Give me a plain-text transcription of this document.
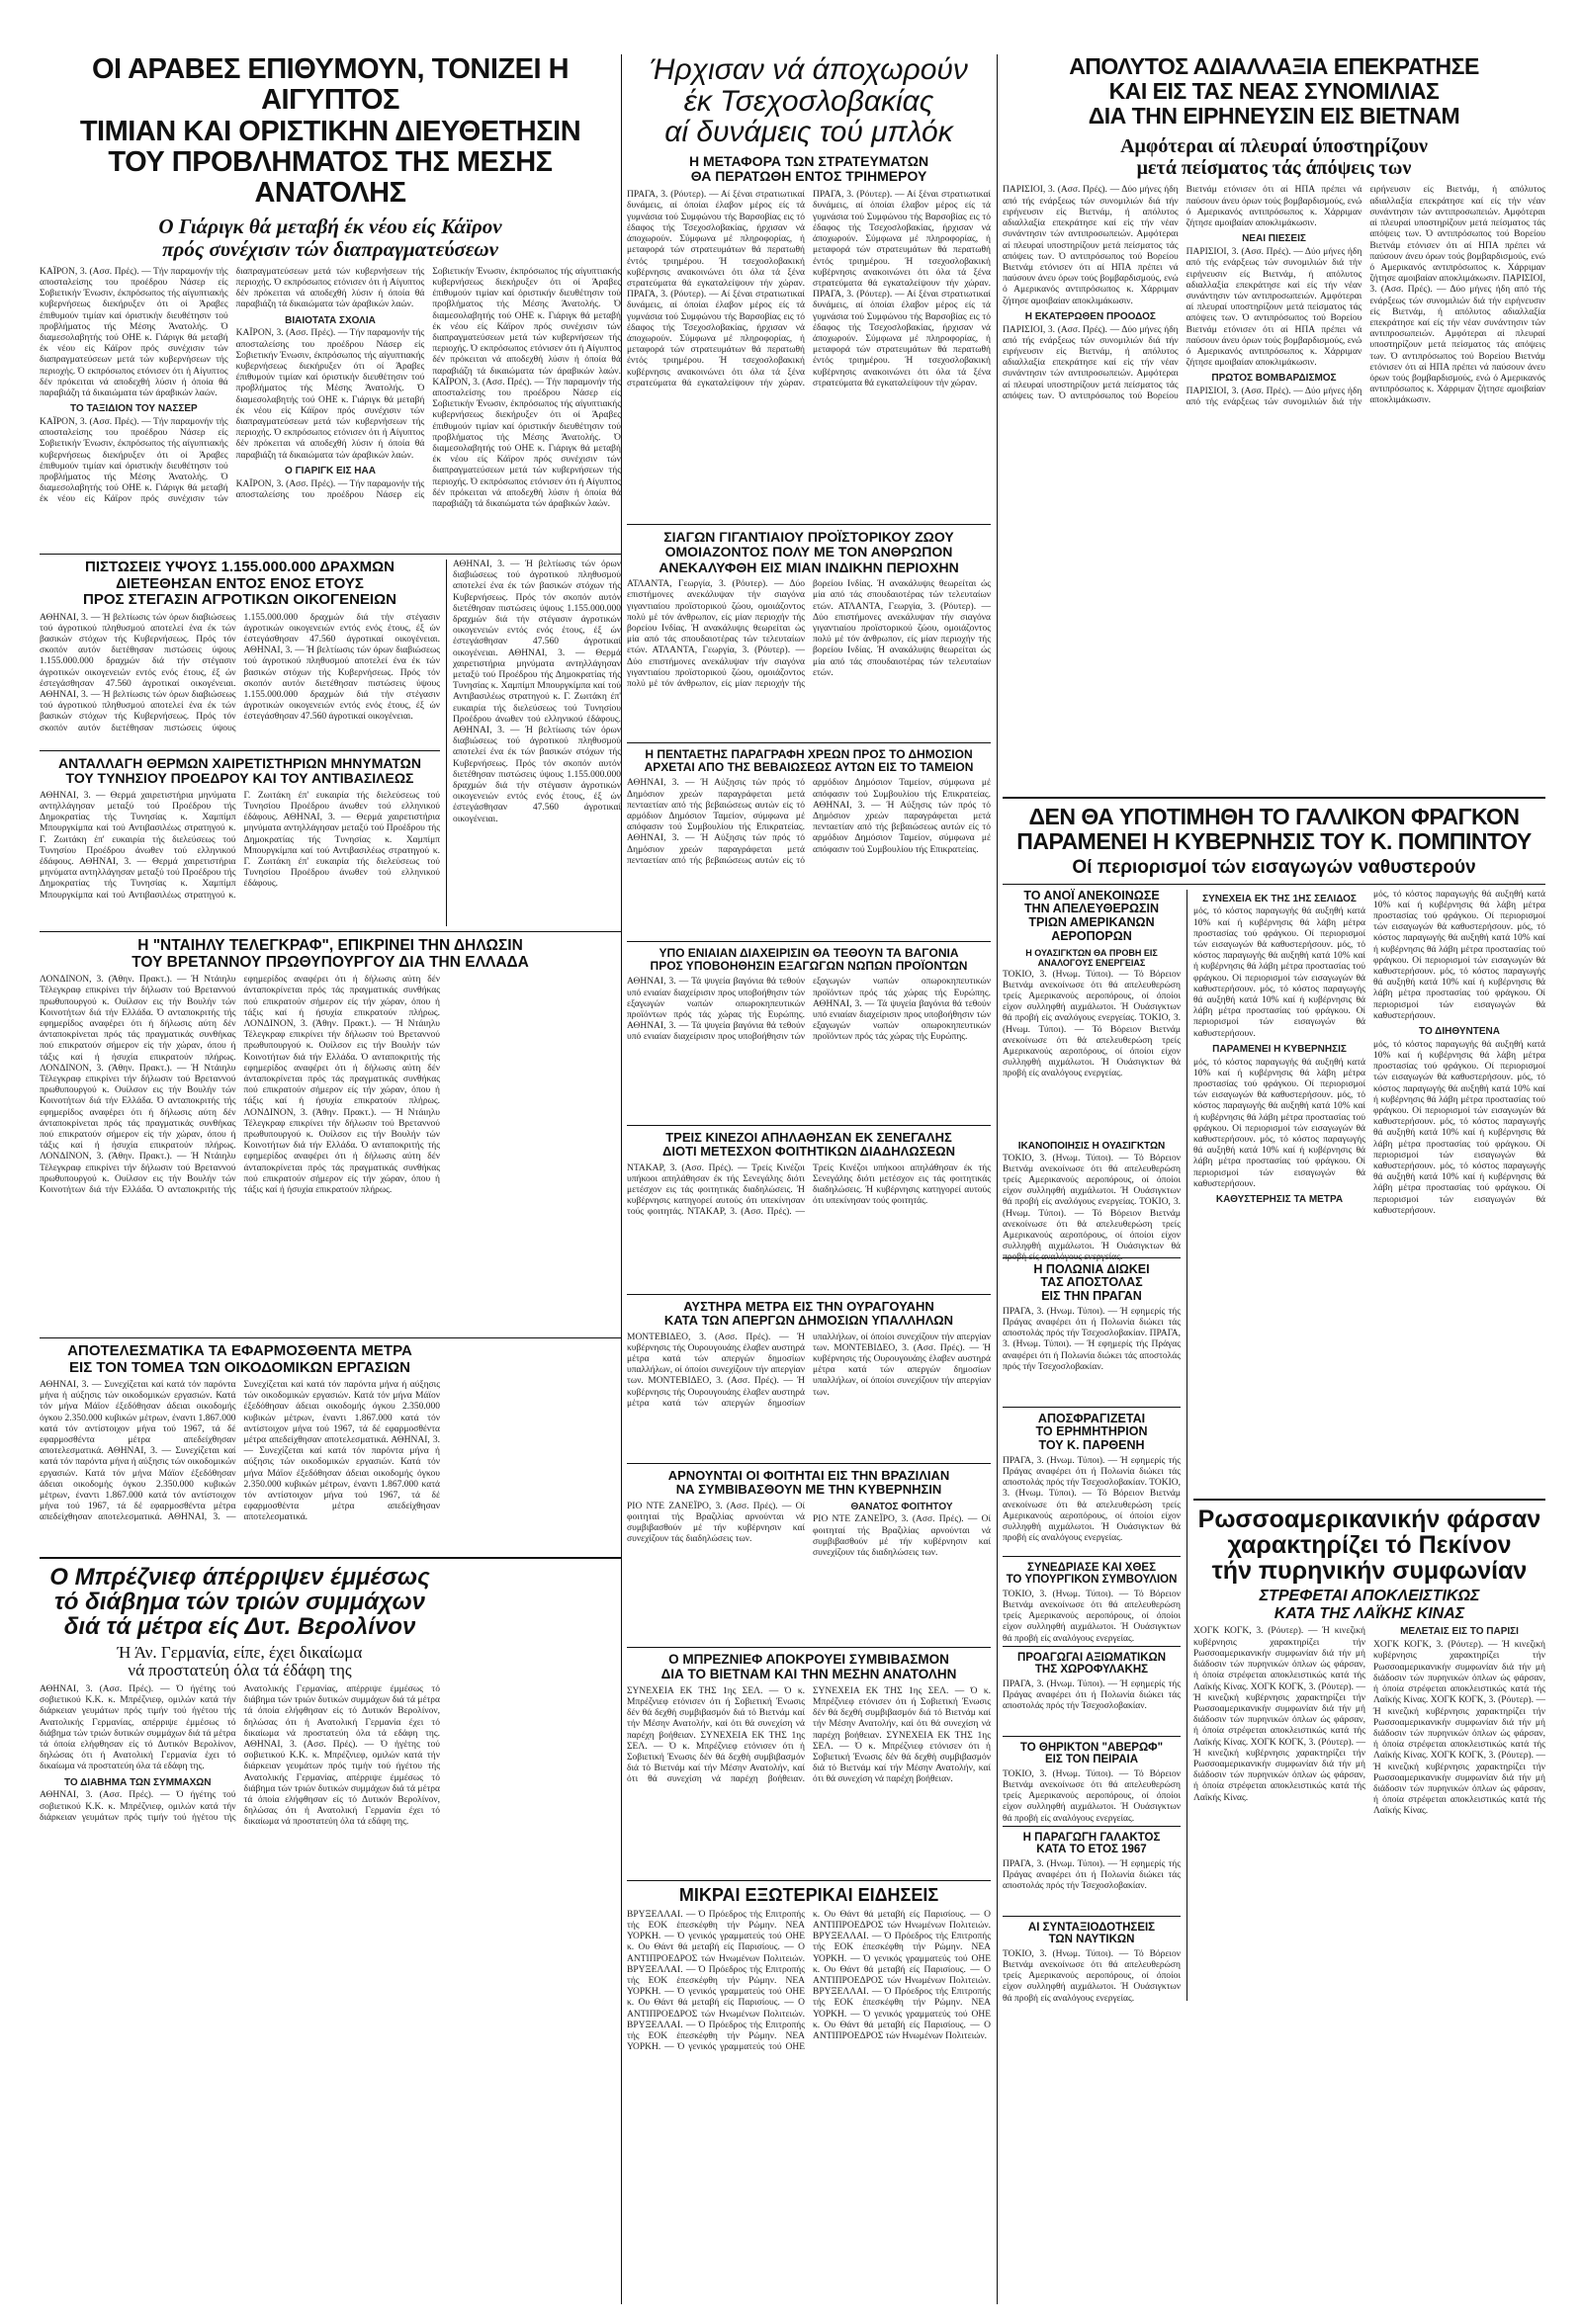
ΟΙ ΑΡΑΒΕΣ ΕΠΙΘΥΜΟΥΝ, ΤΟΝΙΖΕΙ Η ΑΙΓΥΠΤΟΣ
ΤΙΜΙΑΝ ΚΑΙ ΟΡΙΣΤΙΚΗΝ ΔΙΕΥΘΕΤΗΣΙΝ
ΤΟΥ ΠΡΟΒΛΗΜΑΤΟΣ ΤΗΣ ΜΕΣΗΣ ΑΝΑΤΟΛΗΣ
Ο Γιάριγκ θά μεταβή έκ νέου είς Κάϊρον
πρός συνέχισιν τών διαπραγματεύσεων
ΚΑΪΡΟΝ, 3. (Ασσ. Πρές). — Τήν παραμονήν τής αποσταλείσης του προέδρου Νάσερ είς Σοβιετικήν Ένωσιν, έκπρόσωπος τής αίγυπτιακής κυβερνήσεως διεκήρυξεν ότι οί Άραβες έπιθυμούν τιμίαν καί όριστικήν διευθέτησιν τού προβλήματος τής Μέσης Άνατολής. Ό διαμεσολαβητής τού ΟΗΕ κ. Γιάριγκ θά μεταβή έκ νέου είς Κάϊρον πρός συνέχισιν τών διαπραγματεύσεων μετά τών κυβερνήσεων τής περιοχής. Ό εκπρόσωπος ετόνισεν ότι ή Αίγυπτος δέν πρόκειται νά αποδεχθή λύσιν ή όποία θά παραβιάζη τά δικαιώματα τών άραβικών λαών.
ΤΟ ΤΑΞΙΔΙΟΝ ΤΟΥ ΝΑΣΣΕΡ
ΚΑΪΡΟΝ, 3. (Ασσ. Πρές). — Τήν παραμονήν τής αποσταλείσης του προέδρου Νάσερ είς Σοβιετικήν Ένωσιν, έκπρόσωπος τής αίγυπτιακής κυβερνήσεως διεκήρυξεν ότι οί Άραβες έπιθυμούν τιμίαν καί όριστικήν διευθέτησιν τού προβλήματος τής Μέσης Άνατολής. Ό διαμεσολαβητής τού ΟΗΕ κ. Γιάριγκ θά μεταβή έκ νέου είς Κάϊρον πρός συνέχισιν τών διαπραγματεύσεων μετά τών κυβερνήσεων τής περιοχής. Ό εκπρόσωπος ετόνισεν ότι ή Αίγυπτος δέν πρόκειται νά αποδεχθή λύσιν ή όποία θά παραβιάζη τά δικαιώματα τών άραβικών λαών.
ΒΙΑΙΟΤΑΤΑ ΣΧΟΛΙΑ
ΚΑΪΡΟΝ, 3. (Ασσ. Πρές). — Τήν παραμονήν τής αποσταλείσης του προέδρου Νάσερ είς Σοβιετικήν Ένωσιν, έκπρόσωπος τής αίγυπτιακής κυβερνήσεως διεκήρυξεν ότι οί Άραβες έπιθυμούν τιμίαν καί όριστικήν διευθέτησιν τού προβλήματος τής Μέσης Άνατολής. Ό διαμεσολαβητής τού ΟΗΕ κ. Γιάριγκ θά μεταβή έκ νέου είς Κάϊρον πρός συνέχισιν τών διαπραγματεύσεων μετά τών κυβερνήσεων τής περιοχής. Ό εκπρόσωπος ετόνισεν ότι ή Αίγυπτος δέν πρόκειται νά αποδεχθή λύσιν ή όποία θά παραβιάζη τά δικαιώματα τών άραβικών λαών.
Ο ΓΙΑΡΙΓΚ ΕΙΣ ΗΑΑ
ΚΑΪΡΟΝ, 3. (Ασσ. Πρές). — Τήν παραμονήν τής αποσταλείσης του προέδρου Νάσερ είς Σοβιετικήν Ένωσιν, έκπρόσωπος τής αίγυπτιακής κυβερνήσεως διεκήρυξεν ότι οί Άραβες έπιθυμούν τιμίαν καί όριστικήν διευθέτησιν τού προβλήματος τής Μέσης Άνατολής. Ό διαμεσολαβητής τού ΟΗΕ κ. Γιάριγκ θά μεταβή έκ νέου είς Κάϊρον πρός συνέχισιν τών διαπραγματεύσεων μετά τών κυβερνήσεων τής περιοχής. Ό εκπρόσωπος ετόνισεν ότι ή Αίγυπτος δέν πρόκειται νά αποδεχθή λύσιν ή όποία θά παραβιάζη τά δικαιώματα τών άραβικών λαών. ΚΑΪΡΟΝ, 3. (Ασσ. Πρές). — Τήν παραμονήν τής αποσταλείσης του προέδρου Νάσερ είς Σοβιετικήν Ένωσιν, έκπρόσωπος τής αίγυπτιακής κυβερνήσεως διεκήρυξεν ότι οί Άραβες έπιθυμούν τιμίαν καί όριστικήν διευθέτησιν τού προβλήματος τής Μέσης Άνατολής. Ό διαμεσολαβητής τού ΟΗΕ κ. Γιάριγκ θά μεταβή έκ νέου είς Κάϊρον πρός συνέχισιν τών διαπραγματεύσεων μετά τών κυβερνήσεων τής περιοχής. Ό εκπρόσωπος ετόνισεν ότι ή Αίγυπτος δέν πρόκειται νά αποδεχθή λύσιν ή όποία θά παραβιάζη τά δικαιώματα τών άραβικών λαών.
ΠΙΣΤΩΣΕΙΣ ΥΨΟΥΣ 1.155.000.000 ΔΡΑΧΜΩΝ
ΔΙΕΤΕΘΗΣΑΝ ΕΝΤΟΣ ΕΝΟΣ ΕΤΟΥΣ
ΠΡΟΣ ΣΤΕΓΑΣΙΝ ΑΓΡΟΤΙΚΩΝ ΟΙΚΟΓΕΝΕΙΩΝ
ΑΘΗΝΑΙ, 3. — Ή βελτίωσις τών όρων διαβιώσεως τού άγροτικού πληθυσμού αποτελεί ένα έκ τών βασικών στόχων τής Κυβερνήσεως. Πρός τόν σκοπόν αυτόν διετέθησαν πιστώσεις ύψους 1.155.000.000 δραχμών διά τήν στέγασιν άγροτικών οικογενειών εντός ενός έτους, έξ ών έστεγάσθησαν 47.560 άγροτικαί οικογένειαι. ΑΘΗΝΑΙ, 3. — Ή βελτίωσις τών όρων διαβιώσεως τού άγροτικού πληθυσμού αποτελεί ένα έκ τών βασικών στόχων τής Κυβερνήσεως. Πρός τόν σκοπόν αυτόν διετέθησαν πιστώσεις ύψους 1.155.000.000 δραχμών διά τήν στέγασιν άγροτικών οικογενειών εντός ενός έτους, έξ ών έστεγάσθησαν 47.560 άγροτικαί οικογένειαι. ΑΘΗΝΑΙ, 3. — Ή βελτίωσις τών όρων διαβιώσεως τού άγροτικού πληθυσμού αποτελεί ένα έκ τών βασικών στόχων τής Κυβερνήσεως. Πρός τόν σκοπόν αυτόν διετέθησαν πιστώσεις ύψους 1.155.000.000 δραχμών διά τήν στέγασιν άγροτικών οικογενειών εντός ενός έτους, έξ ών έστεγάσθησαν 47.560 άγροτικαί οικογένειαι.
ΑΝΤΑΛΛΑΓΗ ΘΕΡΜΩΝ ΧΑΙΡΕΤΙΣΤΗΡΙΩΝ ΜΗΝΥΜΑΤΩΝ
ΤΟΥ ΤΥΝΗΣΙΟΥ ΠΡΟΕΔΡΟΥ ΚΑΙ ΤΟΥ ΑΝΤΙΒΑΣΙΛΕΩΣ
ΑΘΗΝΑΙ, 3. — Θερμά χαιρετιστήρια μηνύματα αντηλλάγησαν μεταξύ τού Προέδρου τής Δημοκρατίας τής Τυνησίας κ. Χαμπίμπ Μπουργκίμπα καί τού Αντιβασιλέως στρατηγού κ. Γ. Ζωιτάκη έπ' ευκαιρία τής διελεύσεως τού Τυνησίου Προέδρου άνωθεν τού ελληνικού έδάφους. ΑΘΗΝΑΙ, 3. — Θερμά χαιρετιστήρια μηνύματα αντηλλάγησαν μεταξύ τού Προέδρου τής Δημοκρατίας τής Τυνησίας κ. Χαμπίμπ Μπουργκίμπα καί τού Αντιβασιλέως στρατηγού κ. Γ. Ζωιτάκη έπ' ευκαιρία τής διελεύσεως τού Τυνησίου Προέδρου άνωθεν τού ελληνικού έδάφους. ΑΘΗΝΑΙ, 3. — Θερμά χαιρετιστήρια μηνύματα αντηλλάγησαν μεταξύ τού Προέδρου τής Δημοκρατίας τής Τυνησίας κ. Χαμπίμπ Μπουργκίμπα καί τού Αντιβασιλέως στρατηγού κ. Γ. Ζωιτάκη έπ' ευκαιρία τής διελεύσεως τού Τυνησίου Προέδρου άνωθεν τού ελληνικού έδάφους.
ΑΘΗΝΑΙ, 3. — Ή βελτίωσις τών όρων διαβιώσεως τού άγροτικού πληθυσμού αποτελεί ένα έκ τών βασικών στόχων τής Κυβερνήσεως. Πρός τόν σκοπόν αυτόν διετέθησαν πιστώσεις ύψους 1.155.000.000 δραχμών διά τήν στέγασιν άγροτικών οικογενειών εντός ενός έτους, έξ ών έστεγάσθησαν 47.560 άγροτικαί οικογένειαι. ΑΘΗΝΑΙ, 3. — Θερμά χαιρετιστήρια μηνύματα αντηλλάγησαν μεταξύ τού Προέδρου τής Δημοκρατίας τής Τυνησίας κ. Χαμπίμπ Μπουργκίμπα καί τού Αντιβασιλέως στρατηγού κ. Γ. Ζωιτάκη έπ' ευκαιρία τής διελεύσεως τού Τυνησίου Προέδρου άνωθεν τού ελληνικού έδάφους. ΑΘΗΝΑΙ, 3. — Ή βελτίωσις τών όρων διαβιώσεως τού άγροτικού πληθυσμού αποτελεί ένα έκ τών βασικών στόχων τής Κυβερνήσεως. Πρός τόν σκοπόν αυτόν διετέθησαν πιστώσεις ύψους 1.155.000.000 δραχμών διά τήν στέγασιν άγροτικών οικογενειών εντός ενός έτους, έξ ών έστεγάσθησαν 47.560 άγροτικαί οικογένειαι.
Η "ΝΤΑΙΗΛΥ ΤΕΛΕΓΚΡΑΦ", ΕΠΙΚΡΙΝΕΙ ΤΗΝ ΔΗΛΩΣΙΝ
ΤΟΥ ΒΡΕΤΑΝΝΟΥ ΠΡΩΘΥΠΟΥΡΓΟΥ ΔΙΑ ΤΗΝ ΕΛΛΑΔΑ
ΛΟΝΔΙΝΟΝ, 3. (Άθην. Πρακτ.). — Ή Ντάιηλυ Τέλεγκραφ επικρίνει τήν δήλωσιν τού Βρεταννού πρωθυπουργού κ. Ουίλσον εις τήν Βουλήν τών Κοινοτήτων διά τήν Ελλάδα. Ό ανταποκριτής τής εφημερίδος αναφέρει ότι ή δήλωσις αύτη δέν άνταποκρίνεται πρός τάς πραγματικάς συνθήκας πού επικρατούν σήμερον είς τήν χώραν, όπου ή τάξις καί ή ήσυχία επικρατούν πλήρως. ΛΟΝΔΙΝΟΝ, 3. (Άθην. Πρακτ.). — Ή Ντάιηλυ Τέλεγκραφ επικρίνει τήν δήλωσιν τού Βρεταννού πρωθυπουργού κ. Ουίλσον εις τήν Βουλήν τών Κοινοτήτων διά τήν Ελλάδα. Ό ανταποκριτής τής εφημερίδος αναφέρει ότι ή δήλωσις αύτη δέν άνταποκρίνεται πρός τάς πραγματικάς συνθήκας πού επικρατούν σήμερον είς τήν χώραν, όπου ή τάξις καί ή ήσυχία επικρατούν πλήρως. ΛΟΝΔΙΝΟΝ, 3. (Άθην. Πρακτ.). — Ή Ντάιηλυ Τέλεγκραφ επικρίνει τήν δήλωσιν τού Βρεταννού πρωθυπουργού κ. Ουίλσον εις τήν Βουλήν τών Κοινοτήτων διά τήν Ελλάδα. Ό ανταποκριτής τής εφημερίδος αναφέρει ότι ή δήλωσις αύτη δέν άνταποκρίνεται πρός τάς πραγματικάς συνθήκας πού επικρατούν σήμερον είς τήν χώραν, όπου ή τάξις καί ή ήσυχία επικρατούν πλήρως. ΛΟΝΔΙΝΟΝ, 3. (Άθην. Πρακτ.). — Ή Ντάιηλυ Τέλεγκραφ επικρίνει τήν δήλωσιν τού Βρεταννού πρωθυπουργού κ. Ουίλσον εις τήν Βουλήν τών Κοινοτήτων διά τήν Ελλάδα. Ό ανταποκριτής τής εφημερίδος αναφέρει ότι ή δήλωσις αύτη δέν άνταποκρίνεται πρός τάς πραγματικάς συνθήκας πού επικρατούν σήμερον είς τήν χώραν, όπου ή τάξις καί ή ήσυχία επικρατούν πλήρως. ΛΟΝΔΙΝΟΝ, 3. (Άθην. Πρακτ.). — Ή Ντάιηλυ Τέλεγκραφ επικρίνει τήν δήλωσιν τού Βρεταννού πρωθυπουργού κ. Ουίλσον εις τήν Βουλήν τών Κοινοτήτων διά τήν Ελλάδα. Ό ανταποκριτής τής εφημερίδος αναφέρει ότι ή δήλωσις αύτη δέν άνταποκρίνεται πρός τάς πραγματικάς συνθήκας πού επικρατούν σήμερον είς τήν χώραν, όπου ή τάξις καί ή ήσυχία επικρατούν πλήρως.
ΑΠΟΤΕΛΕΣΜΑΤΙΚΑ ΤΑ ΕΦΑΡΜΟΣΘΕΝΤΑ ΜΕΤΡΑ
ΕΙΣ ΤΟΝ ΤΟΜΕΑ ΤΩΝ ΟΙΚΟΔΟΜΙΚΩΝ ΕΡΓΑΣΙΩΝ
ΑΘΗΝΑΙ, 3. — Συνεχίζεται καί κατά τόν παρόντα μήνα ή αύξησις τών οικοδομικών εργασιών. Κατά τόν μήνα Μάϊον έξεδόθησαν άδειαι οικοδομής όγκου 2.350.000 κυβικών μέτρων, έναντι 1.867.000 κατά τόν αντίστοιχον μήνα τού 1967, τά δέ εφαρμοσθέντα μέτρα απεδείχθησαν αποτελεσματικά. ΑΘΗΝΑΙ, 3. — Συνεχίζεται καί κατά τόν παρόντα μήνα ή αύξησις τών οικοδομικών εργασιών. Κατά τόν μήνα Μάϊον έξεδόθησαν άδειαι οικοδομής όγκου 2.350.000 κυβικών μέτρων, έναντι 1.867.000 κατά τόν αντίστοιχον μήνα τού 1967, τά δέ εφαρμοσθέντα μέτρα απεδείχθησαν αποτελεσματικά. ΑΘΗΝΑΙ, 3. — Συνεχίζεται καί κατά τόν παρόντα μήνα ή αύξησις τών οικοδομικών εργασιών. Κατά τόν μήνα Μάϊον έξεδόθησαν άδειαι οικοδομής όγκου 2.350.000 κυβικών μέτρων, έναντι 1.867.000 κατά τόν αντίστοιχον μήνα τού 1967, τά δέ εφαρμοσθέντα μέτρα απεδείχθησαν αποτελεσματικά. ΑΘΗΝΑΙ, 3. — Συνεχίζεται καί κατά τόν παρόντα μήνα ή αύξησις τών οικοδομικών εργασιών. Κατά τόν μήνα Μάϊον έξεδόθησαν άδειαι οικοδομής όγκου 2.350.000 κυβικών μέτρων, έναντι 1.867.000 κατά τόν αντίστοιχον μήνα τού 1967, τά δέ εφαρμοσθέντα μέτρα απεδείχθησαν αποτελεσματικά.
Ο Μπρέζνιεφ άπέρριψεν έμμέσως
τό διάβημα τών τριών συμμάχων
διά τά μέτρα είς Δυτ. Βερολίνον
Ή Άν. Γερμανία, είπε, έχει δικαίωμα
νά προστατεύη όλα τά έδάφη της
ΑΘΗΝΑΙ, 3. (Ασσ. Πρές). — Ό ήγέτης τού σοβιετικού Κ.Κ. κ. Μπρέζνιεφ, ομιλών κατά τήν διάρκειαν γευμάτων πρός τιμήν τού ήγέτου τής Ανατολικής Γερμανίας, απέρριψε έμμέσως τό διάβημα τών τριών δυτικών συμμάχων διά τά μέτρα τά όποία ελήφθησαν είς τό Δυτικόν Βερολίνον, δηλώσας ότι ή Ανατολική Γερμανία έχει τό δικαίωμα νά προστατεύη όλα τά εδάφη της.
ΤΟ ΔΙΑΒΗΜΑ ΤΩΝ ΣΥΜΜΑΧΩΝ
ΑΘΗΝΑΙ, 3. (Ασσ. Πρές). — Ό ήγέτης τού σοβιετικού Κ.Κ. κ. Μπρέζνιεφ, ομιλών κατά τήν διάρκειαν γευμάτων πρός τιμήν τού ήγέτου τής Ανατολικής Γερμανίας, απέρριψε έμμέσως τό διάβημα τών τριών δυτικών συμμάχων διά τά μέτρα τά όποία ελήφθησαν είς τό Δυτικόν Βερολίνον, δηλώσας ότι ή Ανατολική Γερμανία έχει τό δικαίωμα νά προστατεύη όλα τά εδάφη της. ΑΘΗΝΑΙ, 3. (Ασσ. Πρές). — Ό ήγέτης τού σοβιετικού Κ.Κ. κ. Μπρέζνιεφ, ομιλών κατά τήν διάρκειαν γευμάτων πρός τιμήν τού ήγέτου τής Ανατολικής Γερμανίας, απέρριψε έμμέσως τό διάβημα τών τριών δυτικών συμμάχων διά τά μέτρα τά όποία ελήφθησαν είς τό Δυτικόν Βερολίνον, δηλώσας ότι ή Ανατολική Γερμανία έχει τό δικαίωμα νά προστατεύη όλα τά εδάφη της.
Ήρχισαν νά άποχωρούν
έκ Τσεχοσλοβακίας
αί δυνάμεις τού μπλόκ
Η ΜΕΤΑΦΟΡΑ ΤΩΝ ΣΤΡΑΤΕΥΜΑΤΩΝ
ΘΑ ΠΕΡΑΤΩΘΗ ΕΝΤΟΣ ΤΡΙΗΜΕΡΟΥ
ΠΡΑΓΑ, 3. (Ρόυτερ). — Αί ξέναι στρατιωτικαί δυνάμεις, αί όποίαι έλαβον μέρος είς τά γυμνάσια τού Συμφώνου τής Βαρσοβίας εις τό έδαφος τής Τσεχοσλοβακίας, ήρχισαν νά άποχωρούν. Σύμφωνα μέ πληροφορίας, ή μεταφορά τών στρατευμάτων θά περατωθή έντός τριημέρου. Ή τσεχοσλοβακική κυβέρνησις ανακοινώνει ότι όλα τά ξένα στρατεύματα θά εγκαταλείψουν τήν χώραν. ΠΡΑΓΑ, 3. (Ρόυτερ). — Αί ξέναι στρατιωτικαί δυνάμεις, αί όποίαι έλαβον μέρος είς τά γυμνάσια τού Συμφώνου τής Βαρσοβίας εις τό έδαφος τής Τσεχοσλοβακίας, ήρχισαν νά άποχωρούν. Σύμφωνα μέ πληροφορίας, ή μεταφορά τών στρατευμάτων θά περατωθή έντός τριημέρου. Ή τσεχοσλοβακική κυβέρνησις ανακοινώνει ότι όλα τά ξένα στρατεύματα θά εγκαταλείψουν τήν χώραν. ΠΡΑΓΑ, 3. (Ρόυτερ). — Αί ξέναι στρατιωτικαί δυνάμεις, αί όποίαι έλαβον μέρος είς τά γυμνάσια τού Συμφώνου τής Βαρσοβίας εις τό έδαφος τής Τσεχοσλοβακίας, ήρχισαν νά άποχωρούν. Σύμφωνα μέ πληροφορίας, ή μεταφορά τών στρατευμάτων θά περατωθή έντός τριημέρου. Ή τσεχοσλοβακική κυβέρνησις ανακοινώνει ότι όλα τά ξένα στρατεύματα θά εγκαταλείψουν τήν χώραν. ΠΡΑΓΑ, 3. (Ρόυτερ). — Αί ξέναι στρατιωτικαί δυνάμεις, αί όποίαι έλαβον μέρος είς τά γυμνάσια τού Συμφώνου τής Βαρσοβίας εις τό έδαφος τής Τσεχοσλοβακίας, ήρχισαν νά άποχωρούν. Σύμφωνα μέ πληροφορίας, ή μεταφορά τών στρατευμάτων θά περατωθή έντός τριημέρου. Ή τσεχοσλοβακική κυβέρνησις ανακοινώνει ότι όλα τά ξένα στρατεύματα θά εγκαταλείψουν τήν χώραν.
ΣΙΑΓΩΝ ΓΙΓΑΝΤΙΑΙΟΥ ΠΡΟΪΣΤΟΡΙΚΟΥ ΖΩΟΥ
ΟΜΟΙΑΖΟΝΤΟΣ ΠΟΛΥ ΜΕ ΤΟΝ ΑΝΘΡΩΠΟΝ
ΑΝΕΚΑΛΥΦΘΗ ΕΙΣ ΜΙΑΝ ΙΝΔΙΚΗΝ ΠΕΡΙΟΧΗΝ
ΑΤΛΑΝΤΑ, Γεωργία, 3. (Ρόυτερ). — Δύο επιστήμονες ανεκάλυψαν τήν σιαγόνα γιγαντιαίου προϊστορικού ζώου, ομοιάζοντος πολύ μέ τόν άνθρωπον, είς μίαν περιοχήν τής βορείου Ινδίας. Ή ανακάλυψις θεωρείται ώς μία από τάς σπουδαιοτέρας τών τελευταίων ετών. ΑΤΛΑΝΤΑ, Γεωργία, 3. (Ρόυτερ). — Δύο επιστήμονες ανεκάλυψαν τήν σιαγόνα γιγαντιαίου προϊστορικού ζώου, ομοιάζοντος πολύ μέ τόν άνθρωπον, είς μίαν περιοχήν τής βορείου Ινδίας. Ή ανακάλυψις θεωρείται ώς μία από τάς σπουδαιοτέρας τών τελευταίων ετών. ΑΤΛΑΝΤΑ, Γεωργία, 3. (Ρόυτερ). — Δύο επιστήμονες ανεκάλυψαν τήν σιαγόνα γιγαντιαίου προϊστορικού ζώου, ομοιάζοντος πολύ μέ τόν άνθρωπον, είς μίαν περιοχήν τής βορείου Ινδίας. Ή ανακάλυψις θεωρείται ώς μία από τάς σπουδαιοτέρας τών τελευταίων ετών.
Η ΠΕΝΤΑΕΤΗΣ ΠΑΡΑΓΡΑΦΗ ΧΡΕΩΝ ΠΡΟΣ ΤΟ ΔΗΜΟΣΙΟΝ
ΑΡΧΕΤΑΙ ΑΠΟ ΤΗΣ ΒΕΒΑΙΩΣΕΩΣ ΑΥΤΩΝ ΕΙΣ ΤΟ ΤΑΜΕΙΟΝ
ΑΘΗΝΑΙ, 3. — Ή Αύξησις τών πρός τό Δημόσιον χρεών παραγράφεται μετά πενταετίαν από τής βεβαιώσεως αυτών είς τό αρμόδιον Δημόσιον Ταμείον, σύμφωνα μέ απόφασιν τού Συμβουλίου τής Επικρατείας. ΑΘΗΝΑΙ, 3. — Ή Αύξησις τών πρός τό Δημόσιον χρεών παραγράφεται μετά πενταετίαν από τής βεβαιώσεως αυτών είς τό αρμόδιον Δημόσιον Ταμείον, σύμφωνα μέ απόφασιν τού Συμβουλίου τής Επικρατείας. ΑΘΗΝΑΙ, 3. — Ή Αύξησις τών πρός τό Δημόσιον χρεών παραγράφεται μετά πενταετίαν από τής βεβαιώσεως αυτών είς τό αρμόδιον Δημόσιον Ταμείον, σύμφωνα μέ απόφασιν τού Συμβουλίου τής Επικρατείας.
ΥΠΟ ΕΝΙΑΙΑΝ ΔΙΑΧΕΙΡΙΣΙΝ ΘΑ ΤΕΘΟΥΝ ΤΑ ΒΑΓΟΝΙΑ
ΠΡΟΣ ΥΠΟΒΟΗΘΗΣΙΝ ΕΞΑΓΩΓΩΝ ΝΩΠΩΝ ΠΡΟΪΟΝΤΩΝ
ΑΘΗΝΑΙ, 3. — Τά ψυγεία βαγόνια θά τεθούν υπό ενιαίαν διαχείρισιν προς υποβοήθησιν τών εξαγωγών νωπών οπωροκηπευτικών προϊόντων πρός τάς χώρας τής Ευρώπης. ΑΘΗΝΑΙ, 3. — Τά ψυγεία βαγόνια θά τεθούν υπό ενιαίαν διαχείρισιν προς υποβοήθησιν τών εξαγωγών νωπών οπωροκηπευτικών προϊόντων πρός τάς χώρας τής Ευρώπης. ΑΘΗΝΑΙ, 3. — Τά ψυγεία βαγόνια θά τεθούν υπό ενιαίαν διαχείρισιν προς υποβοήθησιν τών εξαγωγών νωπών οπωροκηπευτικών προϊόντων πρός τάς χώρας τής Ευρώπης.
ΤΡΕΙΣ ΚΙΝΕΖΟΙ ΑΠΗΛΑΘΗΣΑΝ ΕΚ ΣΕΝΕΓΑΛΗΣ
ΔΙΟΤΙ ΜΕΤΕΣΧΟΝ ΦΟΙΤΗΤΙΚΩΝ ΔΙΑΔΗΛΩΣΕΩΝ
ΝΤΑΚΑΡ, 3. (Ασσ. Πρές). — Τρείς Κινέζοι υπήκοοι απηλάθησαν έκ τής Σενεγάλης διότι μετέσχον εις τάς φοιτητικάς διαδηλώσεις. Ή κυβέρνησις κατηγορεί αυτούς ότι υπεκίνησαν τούς φοιτητάς. ΝΤΑΚΑΡ, 3. (Ασσ. Πρές). — Τρείς Κινέζοι υπήκοοι απηλάθησαν έκ τής Σενεγάλης διότι μετέσχον εις τάς φοιτητικάς διαδηλώσεις. Ή κυβέρνησις κατηγορεί αυτούς ότι υπεκίνησαν τούς φοιτητάς.
ΑΥΣΤΗΡΑ ΜΕΤΡΑ ΕΙΣ ΤΗΝ ΟΥΡΑΓΟΥΑΗΝ
ΚΑΤΑ ΤΩΝ ΑΠΕΡΓΩΝ ΔΗΜΟΣΙΩΝ ΥΠΑΛΛΗΛΩΝ
ΜΟΝΤΕΒΙΔΕΟ, 3. (Ασσ. Πρές). — Ή κυβέρνησις τής Ουρουγουάης έλαβεν αυστηρά μέτρα κατά τών απεργών δημοσίων υπαλλήλων, οί όποίοι συνεχίζουν τήν απεργίαν των. ΜΟΝΤΕΒΙΔΕΟ, 3. (Ασσ. Πρές). — Ή κυβέρνησις τής Ουρουγουάης έλαβεν αυστηρά μέτρα κατά τών απεργών δημοσίων υπαλλήλων, οί όποίοι συνεχίζουν τήν απεργίαν των. ΜΟΝΤΕΒΙΔΕΟ, 3. (Ασσ. Πρές). — Ή κυβέρνησις τής Ουρουγουάης έλαβεν αυστηρά μέτρα κατά τών απεργών δημοσίων υπαλλήλων, οί όποίοι συνεχίζουν τήν απεργίαν των.
ΑΡΝΟΥΝΤΑΙ ΟΙ ΦΟΙΤΗΤΑΙ ΕΙΣ ΤΗΝ ΒΡΑΖΙΛΙΑΝ
ΝΑ ΣΥΜΒΙΒΑΣΘΟΥΝ ΜΕ ΤΗΝ ΚΥΒΕΡΝΗΣΙΝ
ΡΙΟ ΝΤΕ ΖΑΝΕΪΡΟ, 3. (Ασσ. Πρές). — Οί φοιτηταί τής Βραζιλίας αρνούνται νά συμβιβασθούν μέ τήν κυβέρνησιν καί συνεχίζουν τάς διαδηλώσεις των.
ΘΑΝΑΤΟΣ ΦΟΙΤΗΤΟΥ
ΡΙΟ ΝΤΕ ΖΑΝΕΪΡΟ, 3. (Ασσ. Πρές). — Οί φοιτηταί τής Βραζιλίας αρνούνται νά συμβιβασθούν μέ τήν κυβέρνησιν καί συνεχίζουν τάς διαδηλώσεις των.
Ο ΜΠΡΕΖΝΙΕΦ ΑΠΟΚΡΟΥΕΙ ΣΥΜΒΙΒΑΣΜΟΝ
ΔΙΑ ΤΟ ΒΙΕΤΝΑΜ ΚΑΙ ΤΗΝ ΜΕΣΗΝ ΑΝΑΤΟΛΗΝ
ΣΥΝΕΧΕΙΑ ΕΚ ΤΗΣ 1ης ΣΕΛ. — Ό κ. Μπρέζνιεφ ετόνισεν ότι ή Σοβιετική Ένωσις δέν θά δεχθή συμβιβασμόν διά τό Βιετνάμ καί τήν Μέσην Ανατολήν, καί ότι θά συνεχίση νά παρέχη βοήθειαν. ΣΥΝΕΧΕΙΑ ΕΚ ΤΗΣ 1ης ΣΕΛ. — Ό κ. Μπρέζνιεφ ετόνισεν ότι ή Σοβιετική Ένωσις δέν θά δεχθή συμβιβασμόν διά τό Βιετνάμ καί τήν Μέσην Ανατολήν, καί ότι θά συνεχίση νά παρέχη βοήθειαν. ΣΥΝΕΧΕΙΑ ΕΚ ΤΗΣ 1ης ΣΕΛ. — Ό κ. Μπρέζνιεφ ετόνισεν ότι ή Σοβιετική Ένωσις δέν θά δεχθή συμβιβασμόν διά τό Βιετνάμ καί τήν Μέσην Ανατολήν, καί ότι θά συνεχίση νά παρέχη βοήθειαν. ΣΥΝΕΧΕΙΑ ΕΚ ΤΗΣ 1ης ΣΕΛ. — Ό κ. Μπρέζνιεφ ετόνισεν ότι ή Σοβιετική Ένωσις δέν θά δεχθή συμβιβασμόν διά τό Βιετνάμ καί τήν Μέσην Ανατολήν, καί ότι θά συνεχίση νά παρέχη βοήθειαν.
ΜΙΚΡΑΙ ΕΞΩΤΕΡΙΚΑΙ ΕΙΔΗΣΕΙΣ
ΒΡΥΞΕΛΛΑΙ. — Ό Πρόεδρος τής Επιτροπής τής ΕΟΚ έπεσκέφθη τήν Ρώμην. ΝΕΑ ΥΟΡΚΗ. — Ό γενικός γραμματεύς τού ΟΗΕ κ. Ου Θάντ θά μεταβή είς Παρισίους. — Ο ΑΝΤΙΠΡΟΕΔΡΟΣ τών Ηνωμένων Πολιτειών. ΒΡΥΞΕΛΛΑΙ. — Ό Πρόεδρος τής Επιτροπής τής ΕΟΚ έπεσκέφθη τήν Ρώμην. ΝΕΑ ΥΟΡΚΗ. — Ό γενικός γραμματεύς τού ΟΗΕ κ. Ου Θάντ θά μεταβή είς Παρισίους. — Ο ΑΝΤΙΠΡΟΕΔΡΟΣ τών Ηνωμένων Πολιτειών. ΒΡΥΞΕΛΛΑΙ. — Ό Πρόεδρος τής Επιτροπής τής ΕΟΚ έπεσκέφθη τήν Ρώμην. ΝΕΑ ΥΟΡΚΗ. — Ό γενικός γραμματεύς τού ΟΗΕ κ. Ου Θάντ θά μεταβή είς Παρισίους. — Ο ΑΝΤΙΠΡΟΕΔΡΟΣ τών Ηνωμένων Πολιτειών. ΒΡΥΞΕΛΛΑΙ. — Ό Πρόεδρος τής Επιτροπής τής ΕΟΚ έπεσκέφθη τήν Ρώμην. ΝΕΑ ΥΟΡΚΗ. — Ό γενικός γραμματεύς τού ΟΗΕ κ. Ου Θάντ θά μεταβή είς Παρισίους. — Ο ΑΝΤΙΠΡΟΕΔΡΟΣ τών Ηνωμένων Πολιτειών. ΒΡΥΞΕΛΛΑΙ. — Ό Πρόεδρος τής Επιτροπής τής ΕΟΚ έπεσκέφθη τήν Ρώμην. ΝΕΑ ΥΟΡΚΗ. — Ό γενικός γραμματεύς τού ΟΗΕ κ. Ου Θάντ θά μεταβή είς Παρισίους. — Ο ΑΝΤΙΠΡΟΕΔΡΟΣ τών Ηνωμένων Πολιτειών.
ΑΠΟΛΥΤΟΣ ΑΔΙΑΛΛΑΞΙΑ ΕΠΕΚΡΑΤΗΣΕ
ΚΑΙ ΕΙΣ ΤΑΣ ΝΕΑΣ ΣΥΝΟΜΙΛΙΑΣ
ΔΙΑ ΤΗΝ ΕΙΡΗΝΕΥΣΙΝ ΕΙΣ ΒΙΕΤΝΑΜ
Αμφότεραι αί πλευραί ύποστηρίζουν
μετά πείσματος τάς άπόψεις των
ΠΑΡΙΣΙΟΙ, 3. (Ασσ. Πρές). — Δύο μήνες ήδη από τής ενάρξεως τών συνομιλιών διά τήν ειρήνευσιν είς Βιετνάμ, ή απόλυτος αδιαλλαξία επεκράτησε καί είς τήν νέαν συνάντησιν τών αντιπροσωπειών. Αμφότεραι αί πλευραί υποστηρίζουν μετά πείσματος τάς απόψεις των. Ό αντιπρόσωπος τού Βορείου Βιετνάμ ετόνισεν ότι αί ΗΠΑ πρέπει νά παύσουν άνευ όρων τούς βομβαρδισμούς, ενώ ό Αμερικανός αντιπρόσωπος κ. Χάρριμαν ζήτησε αμοιβαίαν αποκλιμάκωσιν.
Η ΕΚΑΤΕΡΩΘΕΝ ΠΡΟΟΔΟΣ
ΠΑΡΙΣΙΟΙ, 3. (Ασσ. Πρές). — Δύο μήνες ήδη από τής ενάρξεως τών συνομιλιών διά τήν ειρήνευσιν είς Βιετνάμ, ή απόλυτος αδιαλλαξία επεκράτησε καί είς τήν νέαν συνάντησιν τών αντιπροσωπειών. Αμφότεραι αί πλευραί υποστηρίζουν μετά πείσματος τάς απόψεις των. Ό αντιπρόσωπος τού Βορείου Βιετνάμ ετόνισεν ότι αί ΗΠΑ πρέπει νά παύσουν άνευ όρων τούς βομβαρδισμούς, ενώ ό Αμερικανός αντιπρόσωπος κ. Χάρριμαν ζήτησε αμοιβαίαν αποκλιμάκωσιν.
ΝΕΑΙ ΠΙΕΣΕΙΣ
ΠΑΡΙΣΙΟΙ, 3. (Ασσ. Πρές). — Δύο μήνες ήδη από τής ενάρξεως τών συνομιλιών διά τήν ειρήνευσιν είς Βιετνάμ, ή απόλυτος αδιαλλαξία επεκράτησε καί είς τήν νέαν συνάντησιν τών αντιπροσωπειών. Αμφότεραι αί πλευραί υποστηρίζουν μετά πείσματος τάς απόψεις των. Ό αντιπρόσωπος τού Βορείου Βιετνάμ ετόνισεν ότι αί ΗΠΑ πρέπει νά παύσουν άνευ όρων τούς βομβαρδισμούς, ενώ ό Αμερικανός αντιπρόσωπος κ. Χάρριμαν ζήτησε αμοιβαίαν αποκλιμάκωσιν.
ΠΡΩΤΟΣ ΒΟΜΒΑΡΔΙΣΜΟΣ
ΠΑΡΙΣΙΟΙ, 3. (Ασσ. Πρές). — Δύο μήνες ήδη από τής ενάρξεως τών συνομιλιών διά τήν ειρήνευσιν είς Βιετνάμ, ή απόλυτος αδιαλλαξία επεκράτησε καί είς τήν νέαν συνάντησιν τών αντιπροσωπειών. Αμφότεραι αί πλευραί υποστηρίζουν μετά πείσματος τάς απόψεις των. Ό αντιπρόσωπος τού Βορείου Βιετνάμ ετόνισεν ότι αί ΗΠΑ πρέπει νά παύσουν άνευ όρων τούς βομβαρδισμούς, ενώ ό Αμερικανός αντιπρόσωπος κ. Χάρριμαν ζήτησε αμοιβαίαν αποκλιμάκωσιν. ΠΑΡΙΣΙΟΙ, 3. (Ασσ. Πρές). — Δύο μήνες ήδη από τής ενάρξεως τών συνομιλιών διά τήν ειρήνευσιν είς Βιετνάμ, ή απόλυτος αδιαλλαξία επεκράτησε καί είς τήν νέαν συνάντησιν τών αντιπροσωπειών. Αμφότεραι αί πλευραί υποστηρίζουν μετά πείσματος τάς απόψεις των. Ό αντιπρόσωπος τού Βορείου Βιετνάμ ετόνισεν ότι αί ΗΠΑ πρέπει νά παύσουν άνευ όρων τούς βομβαρδισμούς, ενώ ό Αμερικανός αντιπρόσωπος κ. Χάρριμαν ζήτησε αμοιβαίαν αποκλιμάκωσιν.
ΔΕΝ ΘΑ ΥΠΟΤΙΜΗΘΗ ΤΟ ΓΑΛΛΙΚΟΝ ΦΡΑΓΚΟΝ
ΠΑΡΑΜΕΝΕΙ Η ΚΥΒΕΡΝΗΣΙΣ ΤΟΥ Κ. ΠΟΜΠΙΝΤΟΥ
Οί περιορισμοί τών εισαγωγών ναθυστερούν
ΤΟ ΑΝΟΪ ΑΝΕΚΟΙΝΩΣΕ
ΤΗΝ ΑΠΕΛΕΥΘΕΡΩΣΙΝ
ΤΡΙΩΝ ΑΜΕΡΙΚΑΝΩΝ
ΑΕΡΟΠΟΡΩΝ
Η ΟΥΑΣΙΓΚΤΩΝ ΘΑ ΠΡΟΒΗ ΕΙΣ ΑΝΑΛΟΓΟΥΣ ΕΝΕΡΓΕΙΑΣ
ΤΟΚΙΟ, 3. (Ηνωμ. Τύποι). — Τό Βόρειον Βιετνάμ ανεκοίνωσε ότι θά απελευθερώση τρείς Αμερικανούς αεροπόρους, οί όποίοι είχον συλληφθή αιχμάλωτοι. Ή Ουάσιγκτων θά προβή είς αναλόγους ενεργείας. ΤΟΚΙΟ, 3. (Ηνωμ. Τύποι). — Τό Βόρειον Βιετνάμ ανεκοίνωσε ότι θά απελευθερώση τρείς Αμερικανούς αεροπόρους, οί όποίοι είχον συλληφθή αιχμάλωτοι. Ή Ουάσιγκτων θά προβή είς αναλόγους ενεργείας.
ΙΚΑΝΟΠΟΙΗΣΙΣ Η ΟΥΑΣΙΓΚΤΩΝ
ΤΟΚΙΟ, 3. (Ηνωμ. Τύποι). — Τό Βόρειον Βιετνάμ ανεκοίνωσε ότι θά απελευθερώση τρείς Αμερικανούς αεροπόρους, οί όποίοι είχον συλληφθή αιχμάλωτοι. Ή Ουάσιγκτων θά προβή είς αναλόγους ενεργείας. ΤΟΚΙΟ, 3. (Ηνωμ. Τύποι). — Τό Βόρειον Βιετνάμ ανεκοίνωσε ότι θά απελευθερώση τρείς Αμερικανούς αεροπόρους, οί όποίοι είχον συλληφθή αιχμάλωτοι. Ή Ουάσιγκτων θά προβή είς αναλόγους ενεργείας.
Η ΠΟΛΩΝΙΑ ΔΙΩΚΕΙ
ΤΑΣ ΑΠΟΣΤΟΛΑΣ
ΕΙΣ ΤΗΝ ΠΡΑΓΑΝ
ΠΡΑΓΑ, 3. (Ηνωμ. Τύποι). — Ή εφημερίς τής Πράγας αναφέρει ότι ή Πολωνία διώκει τάς αποστολάς πρός τήν Τσεχοσλοβακίαν. ΠΡΑΓΑ, 3. (Ηνωμ. Τύποι). — Ή εφημερίς τής Πράγας αναφέρει ότι ή Πολωνία διώκει τάς αποστολάς πρός τήν Τσεχοσλοβακίαν.
ΑΠΟΣΦΡΑΓΙΖΕΤΑΙ
ΤΟ ΕΡΗΜΗΤΗΡΙΟΝ
ΤΟΥ Κ. ΠΑΡΘΕΝΗ
ΠΡΑΓΑ, 3. (Ηνωμ. Τύποι). — Ή εφημερίς τής Πράγας αναφέρει ότι ή Πολωνία διώκει τάς αποστολάς πρός τήν Τσεχοσλοβακίαν. ΤΟΚΙΟ, 3. (Ηνωμ. Τύποι). — Τό Βόρειον Βιετνάμ ανεκοίνωσε ότι θά απελευθερώση τρείς Αμερικανούς αεροπόρους, οί όποίοι είχον συλληφθή αιχμάλωτοι. Ή Ουάσιγκτων θά προβή είς αναλόγους ενεργείας.
ΣΥΝΕΔΡΙΑΣΕ ΚΑΙ ΧΘΕΣ
ΤΟ ΥΠΟΥΡΓΙΚΟΝ ΣΥΜΒΟΥΛΙΟΝ
ΤΟΚΙΟ, 3. (Ηνωμ. Τύποι). — Τό Βόρειον Βιετνάμ ανεκοίνωσε ότι θά απελευθερώση τρείς Αμερικανούς αεροπόρους, οί όποίοι είχον συλληφθή αιχμάλωτοι. Ή Ουάσιγκτων θά προβή είς αναλόγους ενεργείας.
ΠΡΟΑΓΩΓΑΙ ΑΞΙΩΜΑΤΙΚΩΝ
ΤΗΣ ΧΩΡΟΦΥΛΑΚΗΣ
ΠΡΑΓΑ, 3. (Ηνωμ. Τύποι). — Ή εφημερίς τής Πράγας αναφέρει ότι ή Πολωνία διώκει τάς αποστολάς πρός τήν Τσεχοσλοβακίαν.
ΤΟ ΘΗΡΙΚΤΟΝ "ΑΒΕΡΩΦ"
ΕΙΣ ΤΟΝ ΠΕΙΡΑΙΑ
ΤΟΚΙΟ, 3. (Ηνωμ. Τύποι). — Τό Βόρειον Βιετνάμ ανεκοίνωσε ότι θά απελευθερώση τρείς Αμερικανούς αεροπόρους, οί όποίοι είχον συλληφθή αιχμάλωτοι. Ή Ουάσιγκτων θά προβή είς αναλόγους ενεργείας.
Η ΠΑΡΑΓΩΓΗ ΓΑΛΑΚΤΟΣ
ΚΑΤΑ ΤΟ ΕΤΟΣ 1967
ΠΡΑΓΑ, 3. (Ηνωμ. Τύποι). — Ή εφημερίς τής Πράγας αναφέρει ότι ή Πολωνία διώκει τάς αποστολάς πρός τήν Τσεχοσλοβακίαν.
ΑΙ ΣΥΝΤΑΞΙΟΔΟΤΗΣΕΙΣ
ΤΩΝ ΝΑΥΤΙΚΩΝ
ΤΟΚΙΟ, 3. (Ηνωμ. Τύποι). — Τό Βόρειον Βιετνάμ ανεκοίνωσε ότι θά απελευθερώση τρείς Αμερικανούς αεροπόρους, οί όποίοι είχον συλληφθή αιχμάλωτοι. Ή Ουάσιγκτων θά προβή είς αναλόγους ενεργείας.
ΣΥΝΕΧΕΙΑ ΕΚ ΤΗΣ 1ΗΣ ΣΕΛΙΔΟΣ
μός, τό κόστος παραγωγής θά αυξηθή κατά 10% καί ή κυβέρνησις θά λάβη μέτρα προστασίας τού φράγκου. Οί περιορισμοί τών εισαγωγών θά καθυστερήσουν. μός, τό κόστος παραγωγής θά αυξηθή κατά 10% καί ή κυβέρνησις θά λάβη μέτρα προστασίας τού φράγκου. Οί περιορισμοί τών εισαγωγών θά καθυστερήσουν. μός, τό κόστος παραγωγής θά αυξηθή κατά 10% καί ή κυβέρνησις θά λάβη μέτρα προστασίας τού φράγκου. Οί περιορισμοί τών εισαγωγών θά καθυστερήσουν.
ΠΑΡΑΜΕΝΕΙ Η ΚΥΒΕΡΝΗΣΙΣ
μός, τό κόστος παραγωγής θά αυξηθή κατά 10% καί ή κυβέρνησις θά λάβη μέτρα προστασίας τού φράγκου. Οί περιορισμοί τών εισαγωγών θά καθυστερήσουν. μός, τό κόστος παραγωγής θά αυξηθή κατά 10% καί ή κυβέρνησις θά λάβη μέτρα προστασίας τού φράγκου. Οί περιορισμοί τών εισαγωγών θά καθυστερήσουν. μός, τό κόστος παραγωγής θά αυξηθή κατά 10% καί ή κυβέρνησις θά λάβη μέτρα προστασίας τού φράγκου. Οί περιορισμοί τών εισαγωγών θά καθυστερήσουν.
ΚΑΘΥΣΤΕΡΗΣΙΣ ΤΑ ΜΕΤΡΑ
μός, τό κόστος παραγωγής θά αυξηθή κατά 10% καί ή κυβέρνησις θά λάβη μέτρα προστασίας τού φράγκου. Οί περιορισμοί τών εισαγωγών θά καθυστερήσουν. μός, τό κόστος παραγωγής θά αυξηθή κατά 10% καί ή κυβέρνησις θά λάβη μέτρα προστασίας τού φράγκου. Οί περιορισμοί τών εισαγωγών θά καθυστερήσουν. μός, τό κόστος παραγωγής θά αυξηθή κατά 10% καί ή κυβέρνησις θά λάβη μέτρα προστασίας τού φράγκου. Οί περιορισμοί τών εισαγωγών θά καθυστερήσουν.
ΤΟ ΔΙΗΘΥΝΤΕΝΑ
μός, τό κόστος παραγωγής θά αυξηθή κατά 10% καί ή κυβέρνησις θά λάβη μέτρα προστασίας τού φράγκου. Οί περιορισμοί τών εισαγωγών θά καθυστερήσουν. μός, τό κόστος παραγωγής θά αυξηθή κατά 10% καί ή κυβέρνησις θά λάβη μέτρα προστασίας τού φράγκου. Οί περιορισμοί τών εισαγωγών θά καθυστερήσουν. μός, τό κόστος παραγωγής θά αυξηθή κατά 10% καί ή κυβέρνησις θά λάβη μέτρα προστασίας τού φράγκου. Οί περιορισμοί τών εισαγωγών θά καθυστερήσουν. μός, τό κόστος παραγωγής θά αυξηθή κατά 10% καί ή κυβέρνησις θά λάβη μέτρα προστασίας τού φράγκου. Οί περιορισμοί τών εισαγωγών θά καθυστερήσουν.
Ρωσσοαμερικανικήν φάρσαν
χαρακτηρίζει τό Πεκίνον
τήν πυρηνικήν συμφωνίαν
ΣΤΡΕΦΕΤΑΙ ΑΠΟΚΛΕΙΣΤΙΚΩΣ
ΚΑΤΑ ΤΗΣ ΛΑΪΚΗΣ ΚΙΝΑΣ
ΧΟΓΚ ΚΟΓΚ, 3. (Ρόυτερ). — Ή κινεζική κυβέρνησις χαρακτηρίζει τήν Ρωσσοαμερικανικήν συμφωνίαν διά τήν μή διάδοσιν τών πυρηνικών όπλων ώς φάρσαν, ή όποία στρέφεται αποκλειστικώς κατά τής Λαϊκής Κίνας. ΧΟΓΚ ΚΟΓΚ, 3. (Ρόυτερ). — Ή κινεζική κυβέρνησις χαρακτηρίζει τήν Ρωσσοαμερικανικήν συμφωνίαν διά τήν μή διάδοσιν τών πυρηνικών όπλων ώς φάρσαν, ή όποία στρέφεται αποκλειστικώς κατά τής Λαϊκής Κίνας. ΧΟΓΚ ΚΟΓΚ, 3. (Ρόυτερ). — Ή κινεζική κυβέρνησις χαρακτηρίζει τήν Ρωσσοαμερικανικήν συμφωνίαν διά τήν μή διάδοσιν τών πυρηνικών όπλων ώς φάρσαν, ή όποία στρέφεται αποκλειστικώς κατά τής Λαϊκής Κίνας.
ΜΕΛΕΤΑΙΣ ΕΙΣ ΤΟ ΠΑΡΙΣΙ
ΧΟΓΚ ΚΟΓΚ, 3. (Ρόυτερ). — Ή κινεζική κυβέρνησις χαρακτηρίζει τήν Ρωσσοαμερικανικήν συμφωνίαν διά τήν μή διάδοσιν τών πυρηνικών όπλων ώς φάρσαν, ή όποία στρέφεται αποκλειστικώς κατά τής Λαϊκής Κίνας. ΧΟΓΚ ΚΟΓΚ, 3. (Ρόυτερ). — Ή κινεζική κυβέρνησις χαρακτηρίζει τήν Ρωσσοαμερικανικήν συμφωνίαν διά τήν μή διάδοσιν τών πυρηνικών όπλων ώς φάρσαν, ή όποία στρέφεται αποκλειστικώς κατά τής Λαϊκής Κίνας. ΧΟΓΚ ΚΟΓΚ, 3. (Ρόυτερ). — Ή κινεζική κυβέρνησις χαρακτηρίζει τήν Ρωσσοαμερικανικήν συμφωνίαν διά τήν μή διάδοσιν τών πυρηνικών όπλων ώς φάρσαν, ή όποία στρέφεται αποκλειστικώς κατά τής Λαϊκής Κίνας.
